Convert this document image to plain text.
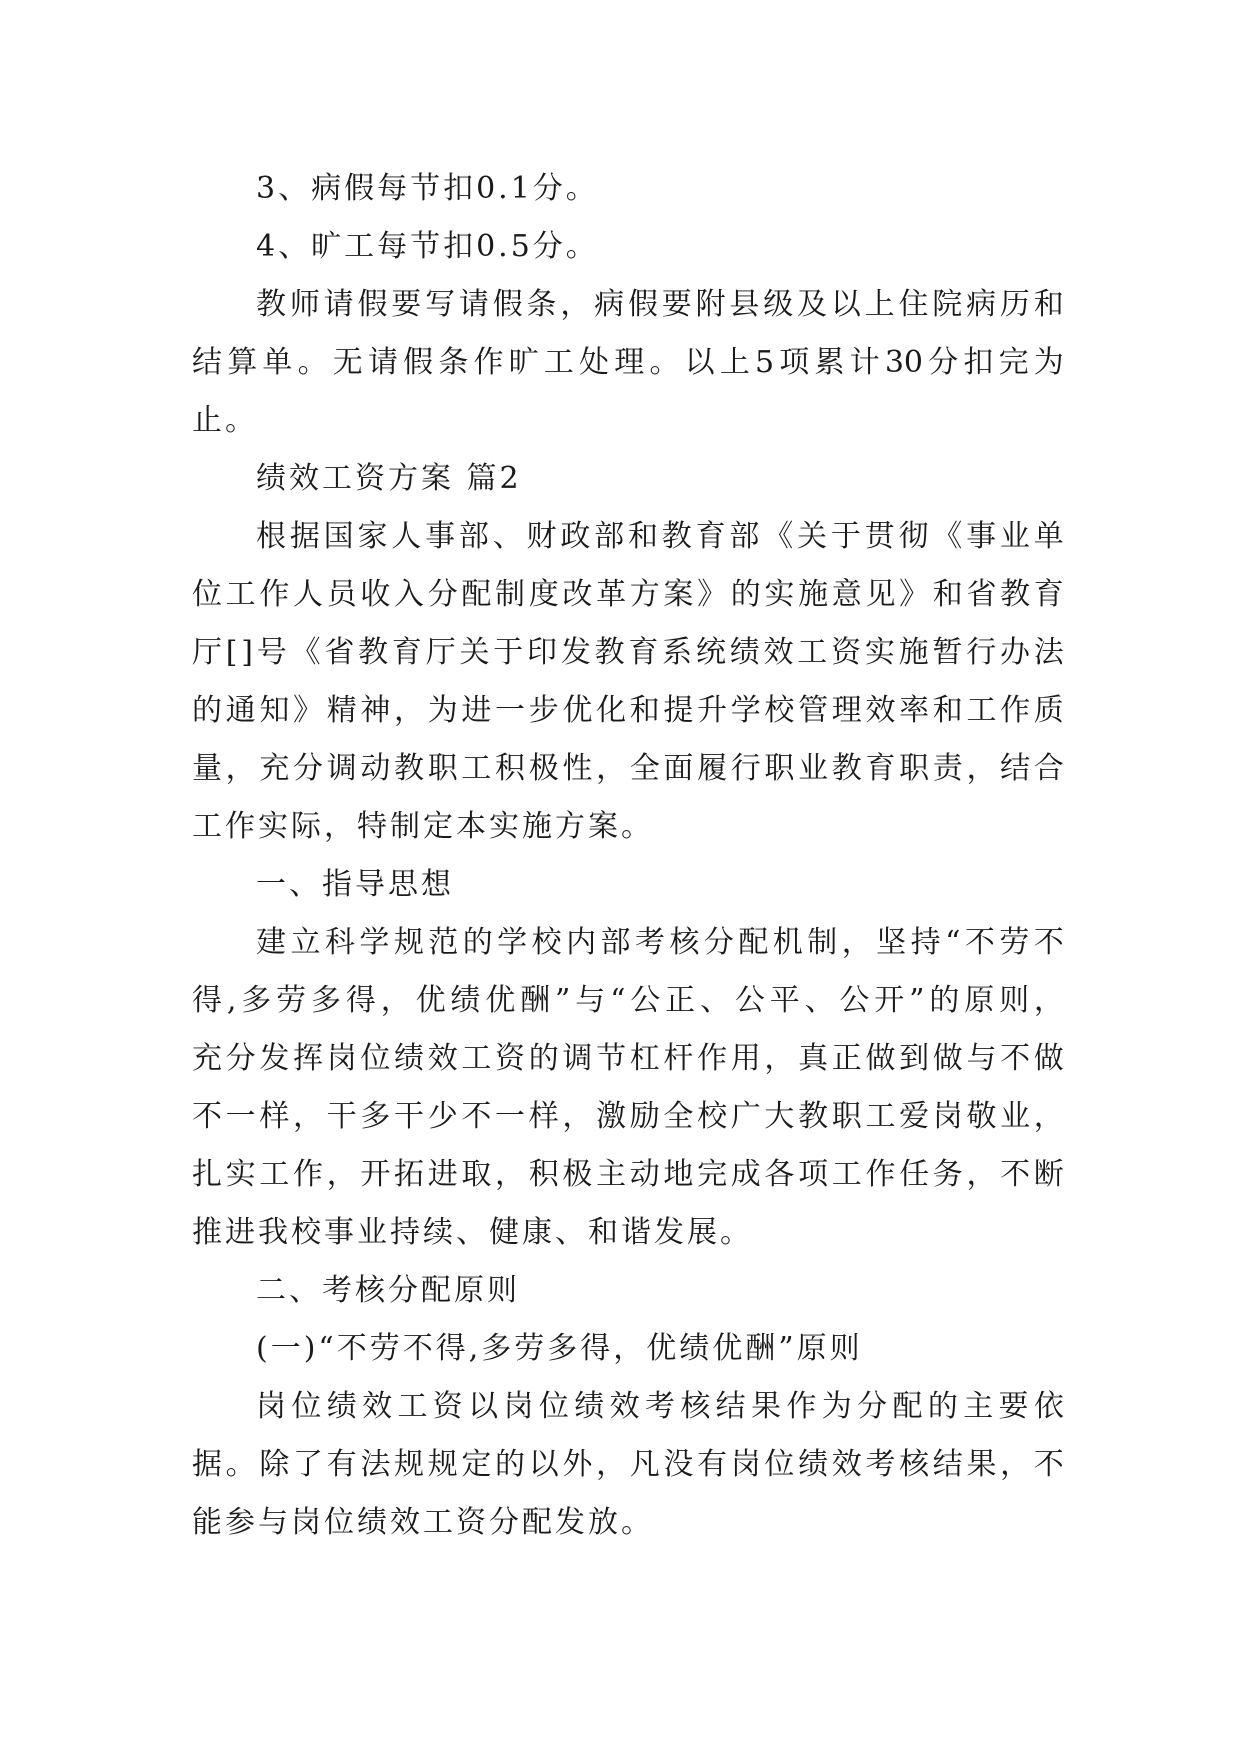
3、病假每节扣0.1分。
4、旷工每节扣0.5分。
教 师 请 假 要 写 请 假 条 ， 病 假 要 附 县 级 及 以 上 住 院 病 历 和
结 算 单 。 无 请 假 条 作 旷 工 处 理 。 以 上 5 项 累 计 30 分 扣 完 为
止。
绩效工资方案 篇2
根 据 国 家 人 事 部 、 财 政 部 和 教 育 部 《 关 于 贯 彻 《 事 业 单
位 工 作 人 员 收 入 分 配 制 度 改 革 方 案 》 的 实 施 意 见 》 和 省 教 育
厅 [ ] 号 《 省 教 育 厅 关 于 印 发 教 育 系 统 绩 效 工 资 实 施 暂 行 办 法
的 通 知 》 精 神 ， 为 进 一 步 优 化 和 提 升 学 校 管 理 效 率 和 工 作 质
量 ， 充 分 调 动 教 职 工 积 极 性 ， 全 面 履 行 职 业 教 育 职 责 ， 结 合
工作实际，特制定本实施方案。
一、指导思想
建 立 科 学 规 范 的 学 校 内 部 考 核 分 配 机 制 ， 坚 持 “ 不 劳 不
得 , 多 劳 多 得 ， 优 绩 优 酬 ” 与 “ 公 正 、 公 平 、 公 开 ” 的 原 则 ，
充 分 发 挥 岗 位 绩 效 工 资 的 调 节 杠 杆 作 用 ， 真 正 做 到 做 与 不 做
不 一 样 ， 干 多 干 少 不 一 样 ， 激 励 全 校 广 大 教 职 工 爱 岗 敬 业 ，
扎 实 工 作 ， 开 拓 进 取 ， 积 极 主 动 地 完 成 各 项 工 作 任 务 ， 不 断
推进我校事业持续、健康、和谐发展。
二、考核分配原则
(一)“不劳不得,多劳多得，优绩优酬”原则
岗 位 绩 效 工 资 以 岗 位 绩 效 考 核 结 果 作 为 分 配 的 主 要 依
据 。 除 了 有 法 规 规 定 的 以 外 ， 凡 没 有 岗 位 绩 效 考 核 结 果 ， 不
能参与岗位绩效工资分配发放。
